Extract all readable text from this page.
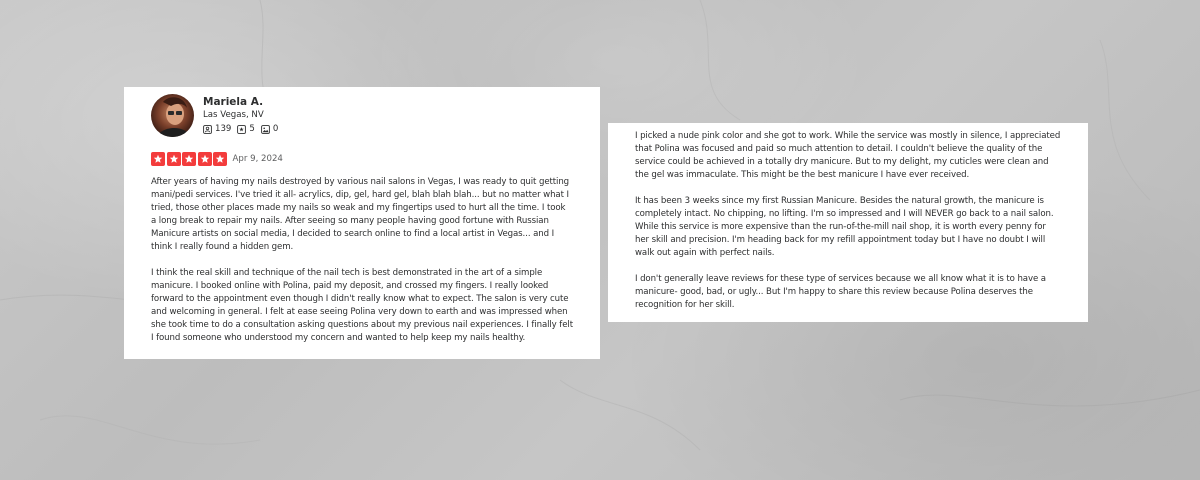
Mariela A.
Las Vegas, NV
139 5 0
Apr 9, 2024

After years of having my nails destroyed by various nail salons in Vegas, I was ready to quit getting mani/pedi services. I've tried it all- acrylics, dip, gel, hard gel, blah blah blah... but no matter what I tried, those other places made my nails so weak and my fingertips used to hurt all the time. I took a long break to repair my nails. After seeing so many people having good fortune with Russian Manicure artists on social media, I decided to search online to find a local artist in Vegas... and I think I really found a hidden gem.

I think the real skill and technique of the nail tech is best demonstrated in the art of a simple manicure. I booked online with Polina, paid my deposit, and crossed my fingers. I really looked forward to the appointment even though I didn't really know what to expect. The salon is very cute and welcoming in general. I felt at ease seeing Polina very down to earth and was impressed when she took time to do a consultation asking questions about my previous nail experiences. I finally felt I found someone who understood my concern and wanted to help keep my nails healthy.

I picked a nude pink color and she got to work. While the service was mostly in silence, I appreciated that Polina was focused and paid so much attention to detail. I couldn't believe the quality of the service could be achieved in a totally dry manicure. But to my delight, my cuticles were clean and the gel was immaculate. This might be the best manicure I have ever received.

It has been 3 weeks since my first Russian Manicure. Besides the natural growth, the manicure is completely intact. No chipping, no lifting. I'm so impressed and I will NEVER go back to a nail salon. While this service is more expensive than the run-of-the-mill nail shop, it is worth every penny for her skill and precision. I'm heading back for my refill appointment today but I have no doubt I will walk out again with perfect nails.

I don't generally leave reviews for these type of services because we all know what it is to have a manicure- good, bad, or ugly... But I'm happy to share this review because Polina deserves the recognition for her skill.
